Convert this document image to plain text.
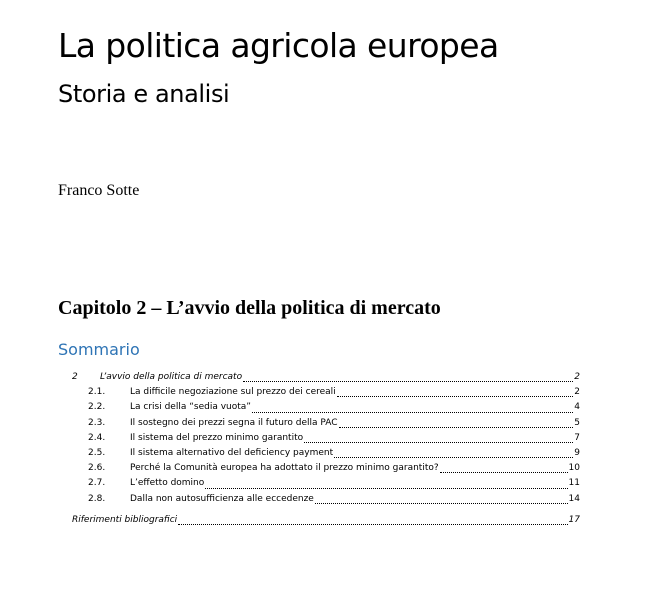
La politica agricola europea
Storia e analisi
Franco Sotte
Capitolo 2 – L’avvio della politica di mercato
Sommario
2	L’avvio della politica di mercato	2
2.1.	La difficile negoziazione sul prezzo dei cereali	2
2.2.	La crisi della “sedia vuota”	4
2.3.	Il sostegno dei prezzi segna il futuro della PAC	5
2.4.	Il sistema del prezzo minimo garantito	7
2.5.	Il sistema alternativo del deficiency payment	9
2.6.	Perché la Comunità europea ha adottato il prezzo minimo garantito?	10
2.7.	L’effetto domino	11
2.8.	Dalla non autosufficienza alle eccedenze	14
Riferimenti bibliografici	17
